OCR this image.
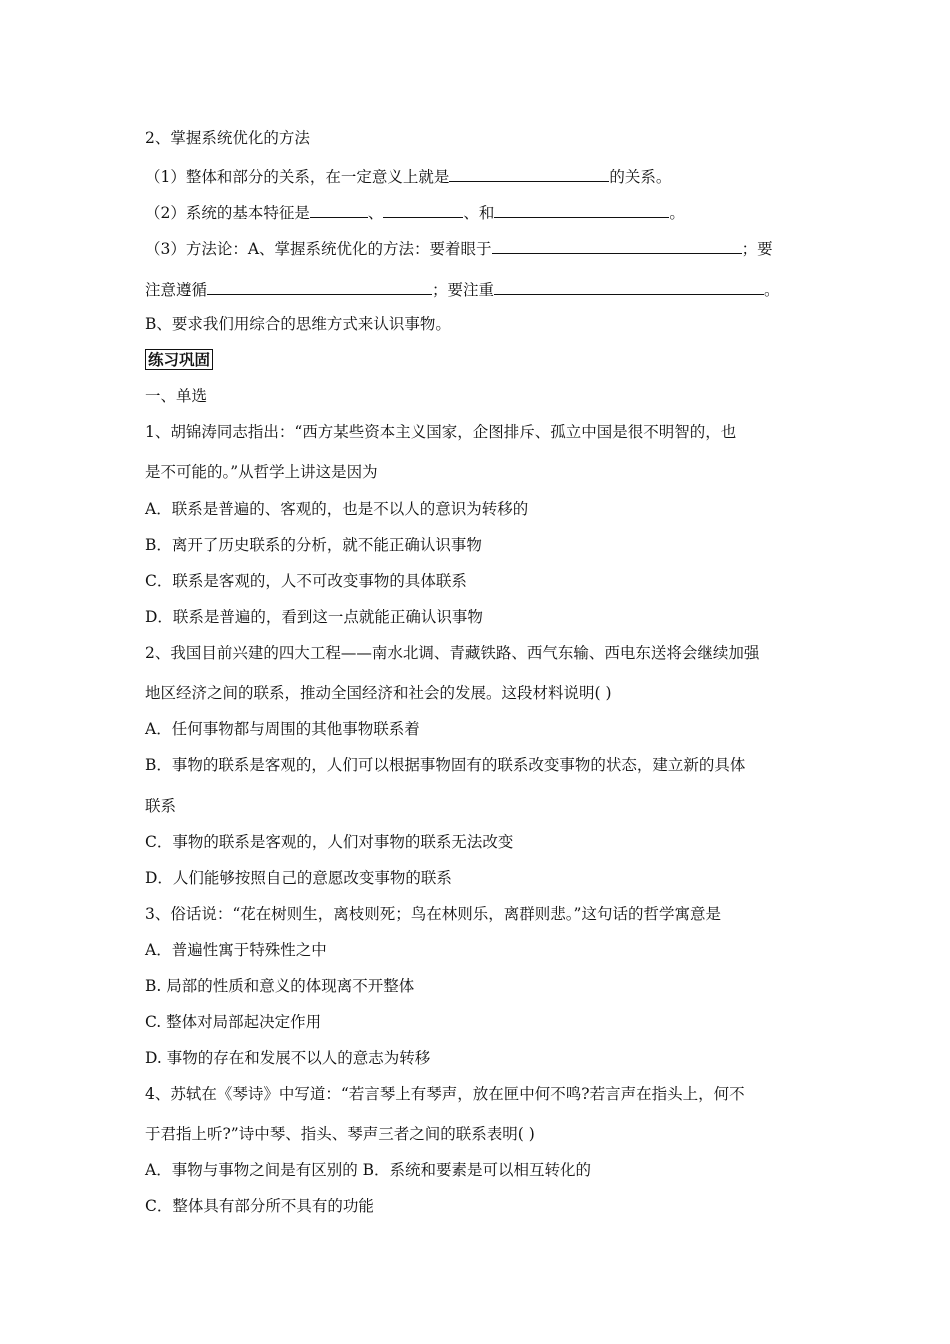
2、掌握系统优化的方法
（1）整体和部分的关系，在一定意义上就是	的关系。
（2）系统的基本特征是	、	、和	。
（3）方法论：A、掌握系统优化的方法：要着眼于	；要
注意遵循	；要注重	。
B、要求我们用综合的思维方式来认识事物。
练习巩固
一、单选
1、胡锦涛同志指出：“西方某些资本主义国家，企图排斥、孤立中国是很不明智的，也
是不可能的。”从哲学上讲这是因为
A．联系是普遍的、客观的，也是不以人的意识为转移的
B．离开了历史联系的分析，就不能正确认识事物
C．联系是客观的，人不可改变事物的具体联系
D．联系是普遍的，看到这一点就能正确认识事物
2、我国目前兴建的四大工程——南水北调、青藏铁路、西气东输、西电东送将会继续加强
地区经济之间的联系，推动全国经济和社会的发展。这段材料说明( )
A．任何事物都与周围的其他事物联系着
B．事物的联系是客观的，人们可以根据事物固有的联系改变事物的状态，建立新的具体
联系
C．事物的联系是客观的，人们对事物的联系无法改变
D．人们能够按照自己的意愿改变事物的联系
3、俗话说：“花在树则生，离枝则死；鸟在林则乐，离群则悲。”这句话的哲学寓意是
A．普遍性寓于特殊性之中
B. 局部的性质和意义的体现离不开整体
C. 整体对局部起决定作用
D. 事物的存在和发展不以人的意志为转移
4、苏轼在《琴诗》中写道：“若言琴上有琴声，放在匣中何不鸣?若言声在指头上，何不
于君指上听?”诗中琴、指头、琴声三者之间的联系表明( )
A．事物与事物之间是有区别的 B．系统和要素是可以相互转化的
C．整体具有部分所不具有的功能
